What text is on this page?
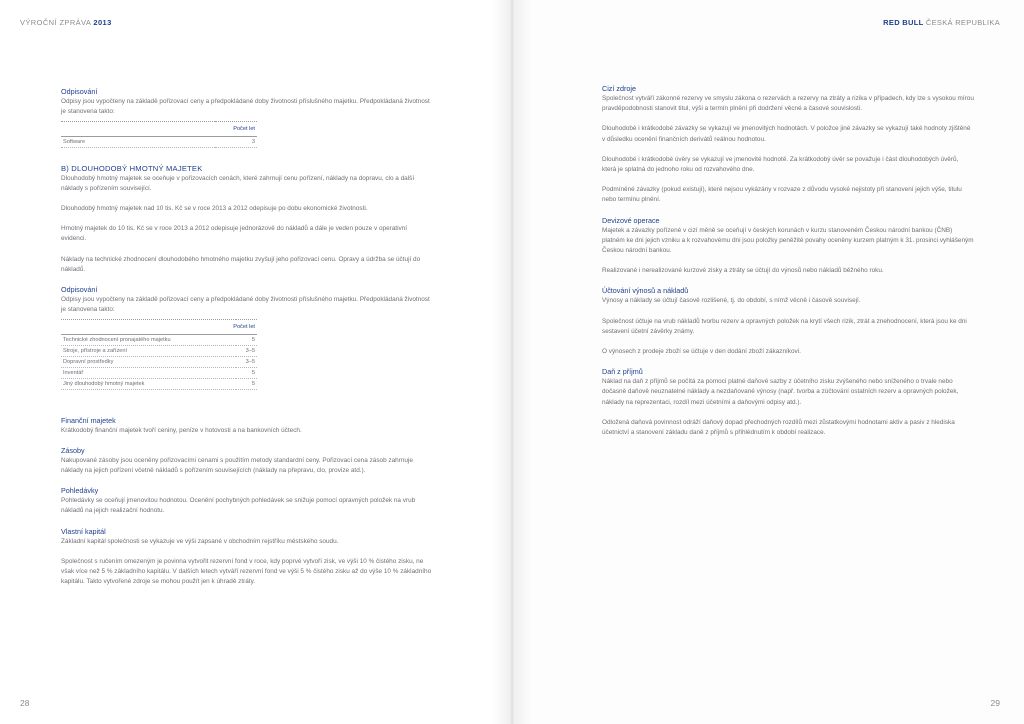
VÝROČNÍ ZPRÁVA 2013
Odpisování

Odpisy jsou vypočteny na základě pořizovací ceny a předpokládané doby životnosti příslušného majetku. Předpokládaná životnost je stanovena takto:

Počet let
Software	3
B) DLOUHODOBÝ HMOTNÝ MAJETEK

Dlouhodobý hmotný majetek se oceňuje v pořizovacích cenách, které zahrnují cenu pořízení, náklady na dopravu, clo a další náklady s pořízením související.

Dlouhodobý hmotný majetek nad 10 tis. Kč se v roce 2013 a 2012 odepisuje po dobu ekonomické životnosti.

Hmotný majetek do 10 tis. Kč se v roce 2013 a 2012 odepisuje jednorázově do nákladů a dále je veden pouze v operativní evidenci.

Náklady na technické zhodnocení dlouhodobého hmotného majetku zvyšují jeho pořizovací cenu. Opravy a údržba se účtují do nákladů.

Odpisování

Odpisy jsou vypočteny na základě pořizovací ceny a předpokládané doby životnosti příslušného majetku. Předpokládaná životnost je stanovena takto:

Počet let	
Technické zhodnocení pronajatého majetku	5
Stroje, přístroje a zařízení	3–5
Dopravní prostředky	3–5
Inventář	5
Jiný dlouhodobý hmotný majetek	5
Finanční majetek

Krátkodobý finanční majetek tvoří ceniny, peníze v hotovosti a na bankovních účtech.

Zásoby

Nakupované zásoby jsou oceněny pořizovacími cenami s použitím metody standardní ceny. Pořizovací cena zásob zahrnuje náklady na jejich pořízení včetně nákladů s pořízením souvisejících (náklady na přepravu, clo, provize atd.).

Pohledávky

Pohledávky se oceňují jmenovitou hodnotou. Ocenění pochybných pohledávek se snižuje pomocí opravných položek na vrub nákladů na jejich realizační hodnotu.

Vlastní kapitál

Základní kapitál společnosti se vykazuje ve výši zapsané v obchodním rejstříku městského soudu.

Společnost s ručením omezeným je povinna vytvořit rezervní fond v roce, kdy poprvé vytvoří zisk, ve výši 10 % čistého zisku, ne však více než 5 % základního kapitálu. V dalších letech vytváří rezervní fond ve výši 5 % čistého zisku až do výše 10 % základního kapitálu. Takto vytvořené zdroje se mohou použít jen k úhradě ztráty.

28
RED BULL ČESKÁ REPUBLIKA
Cizí zdroje

Společnost vytváří zákonné rezervy ve smyslu zákona o rezervách a rezervy na ztráty a rizika v případech, kdy lze s vysokou mírou pravděpodobnosti stanovit titul, výši a termín plnění při dodržení věcné a časové souvislosti.

Dlouhodobé i krátkodobé závazky se vykazují ve jmenovitých hodnotách. V položce jiné závazky se vykazují také hodnoty zjištěné v důsledku ocenění finančních derivátů reálnou hodnotou.

Dlouhodobé i krátkodobé úvěry se vykazují ve jmenovité hodnotě. Za krátkodobý úvěr se považuje i část dlouhodobých úvěrů, která je splatná do jednoho roku od rozvahového dne.

Podmíněné závazky (pokud existují), které nejsou vykázány v rozvaze z důvodu vysoké nejistoty při stanovení jejich výše, titulu nebo termínu plnění.

Devizové operace

Majetek a závazky pořízené v cizí měně se oceňují v českých korunách v kurzu stanoveném Českou národní bankou (ČNB) platném ke dni jejich vzniku a k rozvahovému dni jsou položky peněžité povahy oceněny kurzem platným k 31. prosinci vyhlášeným Českou národní bankou.

Realizované i nerealizované kurzové zisky a ztráty se účtují do výnosů nebo nákladů běžného roku.

Účtování výnosů a nákladů

Výnosy a náklady se účtují časově rozlišené, tj. do období, s nímž věcně i časově souvisejí.

Společnost účtuje na vrub nákladů tvorbu rezerv a opravných položek na krytí všech rizik, ztrát a znehodnocení, která jsou ke dni sestavení účetní závěrky známy.

O výnosech z prodeje zboží se účtuje v den dodání zboží zákazníkovi.

Daň z příjmů

Náklad na daň z příjmů se počítá za pomoci platné daňové sazby z účetního zisku zvýšeného nebo sníženého o trvale nebo dočasně daňově neuznatelné náklady a nezdaňované výnosy (např. tvorba a zúčtování ostatních rezerv a opravných položek, náklady na reprezentaci, rozdíl mezi účetními a daňovými odpisy atd.).

Odložená daňová povinnost odráží daňový dopad přechodných rozdílů mezi zůstatkovými hodnotami aktiv a pasiv z hlediska účetnictví a stanovení základu daně z příjmů s přihlédnutím k období realizace.

29
